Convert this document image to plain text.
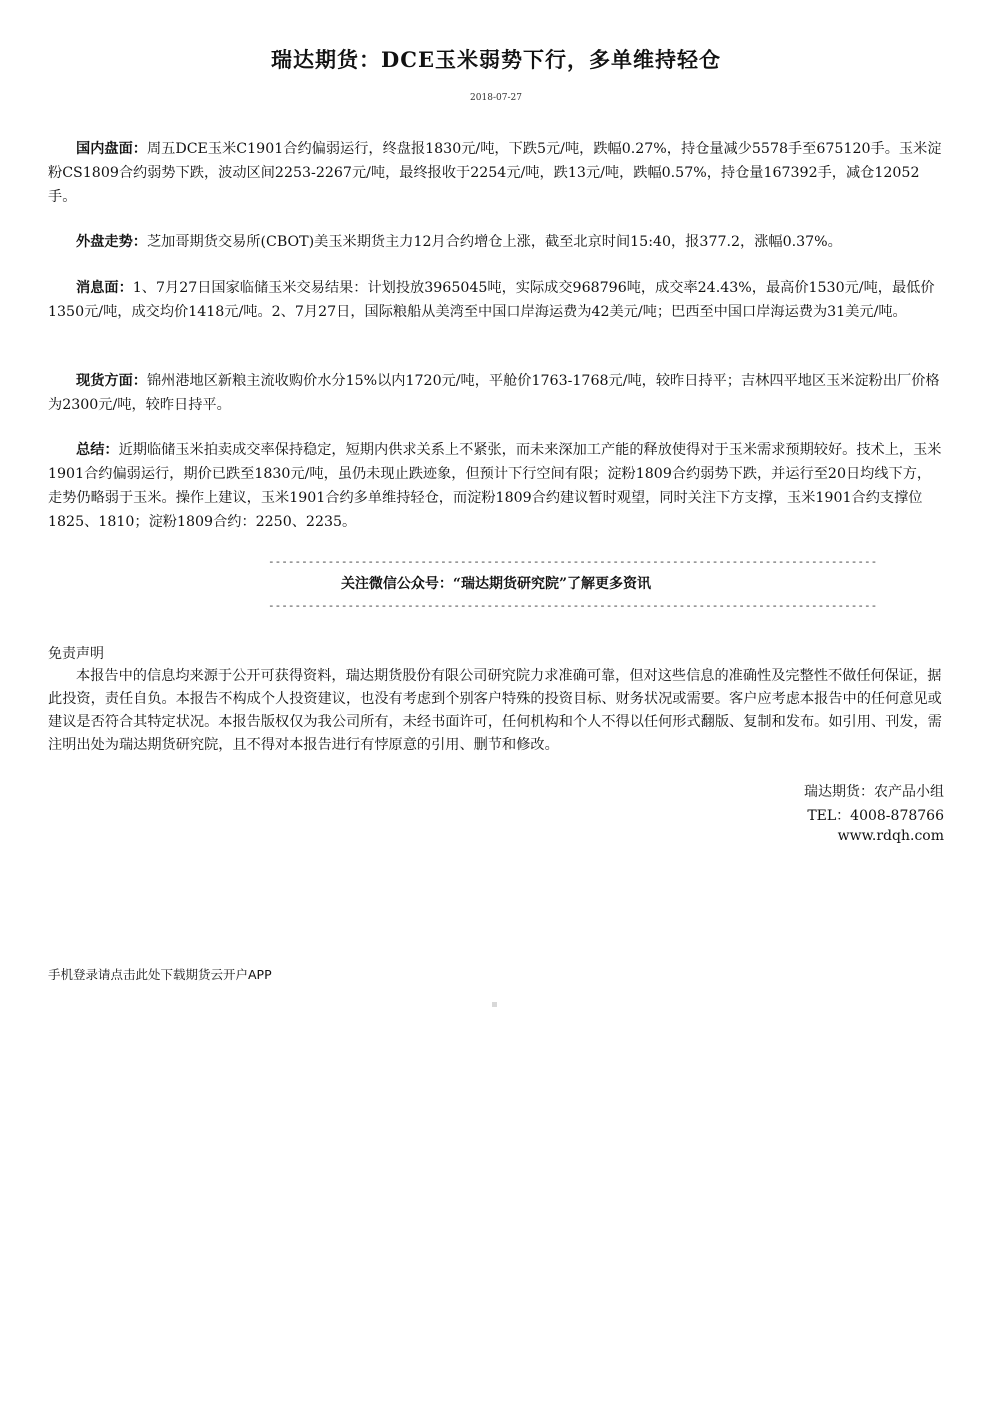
瑞达期货：DCE玉米弱势下行，多单维持轻仓
2018-07-27
国内盘面：周五DCE玉米C1901合约偏弱运行，终盘报1830元/吨，下跌5元/吨，跌幅0.27%，持仓量减少5578手至675120手。玉米淀粉CS1809合约弱势下跌，波动区间2253-2267元/吨，最终报收于2254元/吨，跌13元/吨，跌幅0.57%，持仓量167392手，减仓12052手。
外盘走势：芝加哥期货交易所(CBOT)美玉米期货主力12月合约增仓上涨，截至北京时间15:40，报377.2，涨幅0.37%。
消息面：1、7月27日国家临储玉米交易结果：计划投放3965045吨，实际成交968796吨，成交率24.43%，最高价1530元/吨，最低价1350元/吨，成交均价1418元/吨。2、7月27日，国际粮船从美湾至中国口岸海运费为42美元/吨；巴西至中国口岸海运费为31美元/吨。
现货方面：锦州港地区新粮主流收购价水分15%以内1720元/吨，平舱价1763-1768元/吨，较昨日持平；吉林四平地区玉米淀粉出厂价格为2300元/吨，较昨日持平。
总结：近期临储玉米拍卖成交率保持稳定，短期内供求关系上不紧张，而未来深加工产能的释放使得对于玉米需求预期较好。技术上，玉米1901合约偏弱运行，期价已跌至1830元/吨，虽仍未现止跌迹象，但预计下行空间有限；淀粉1809合约弱势下跌，并运行至20日均线下方，走势仍略弱于玉米。操作上建议，玉米1901合约多单维持轻仓，而淀粉1809合约建议暂时观望，同时关注下方支撑，玉米1901合约支撑位1825、1810；淀粉1809合约：2250、2235。
--------------------------------------------------------------------------------------------
关注微信公众号：“瑞达期货研究院”了解更多资讯
--------------------------------------------------------------------------------------------
免责声明
本报告中的信息均来源于公开可获得资料，瑞达期货股份有限公司研究院力求准确可靠，但对这些信息的准确性及完整性不做任何保证，据此投资，责任自负。本报告不构成个人投资建议，也没有考虑到个别客户特殊的投资目标、财务状况或需要。客户应考虑本报告中的任何意见或建议是否符合其特定状况。本报告版权仅为我公司所有，未经书面许可，任何机构和个人不得以任何形式翻版、复制和发布。如引用、刊发，需注明出处为瑞达期货研究院，且不得对本报告进行有悖原意的引用、删节和修改。
瑞达期货：农产品小组
TEL：4008-878766
www.rdqh.com
手机登录请点击此处下载期货云开户APP
